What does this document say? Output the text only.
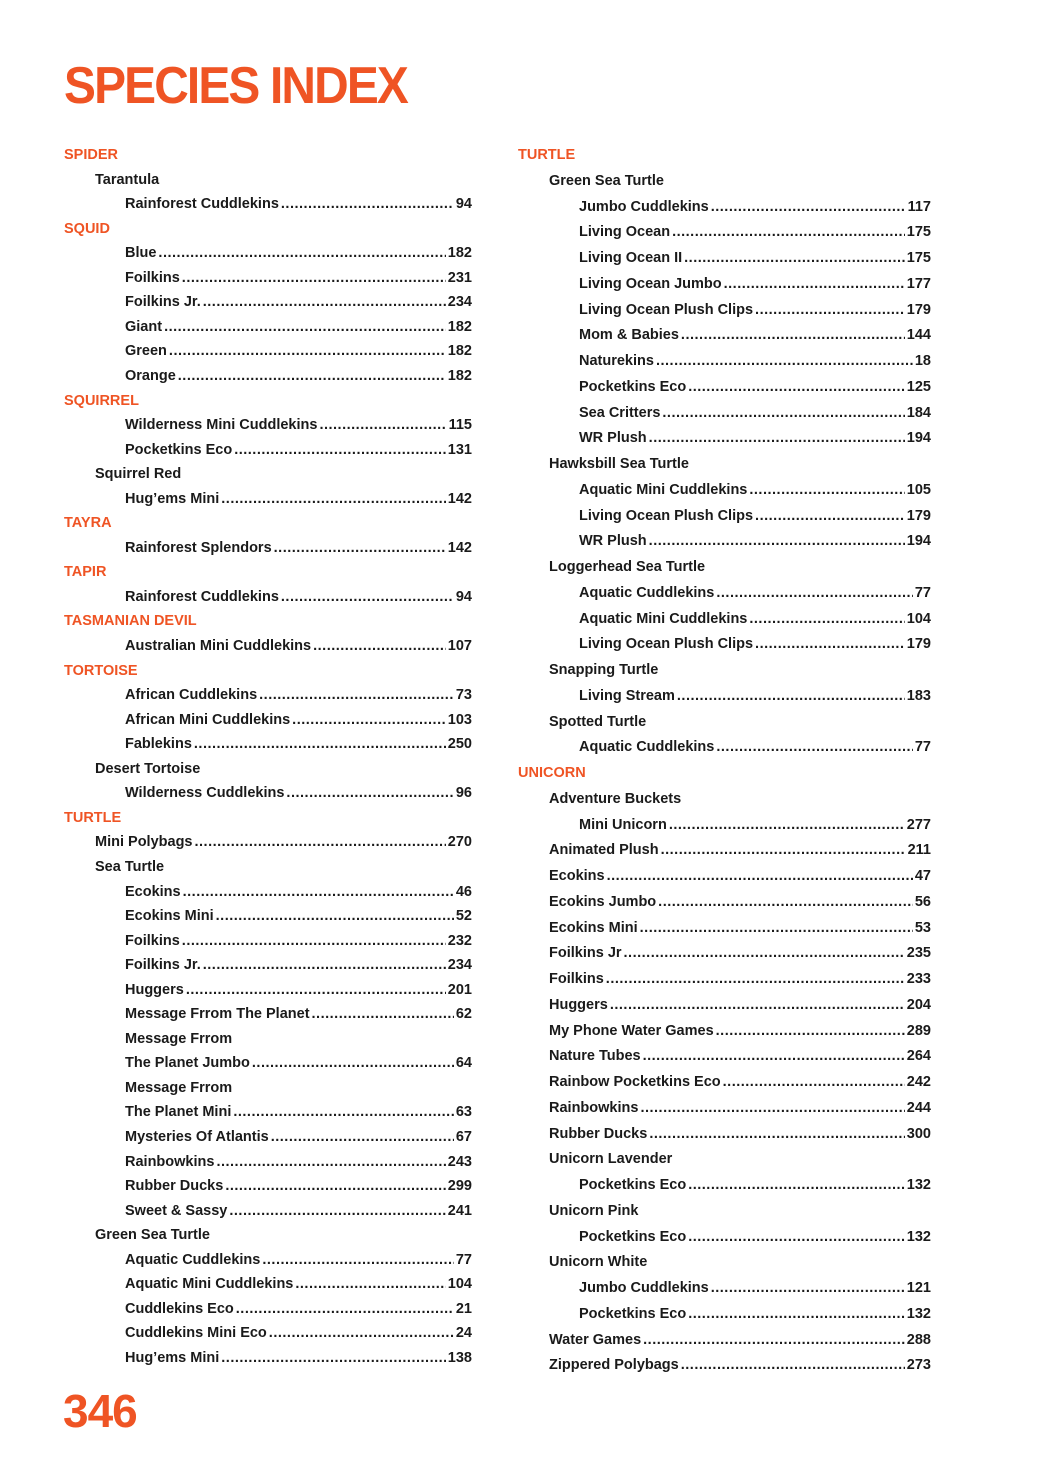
SPECIES INDEX
SPIDER
Tarantula
Rainforest Cuddlekins .....	94
SQUID
Blue .....	182
Foilkins .....	231
Foilkins Jr. .....	234
Giant .....	182
Green .....	182
Orange .....	182
SQUIRREL
Wilderness Mini Cuddlekins .....	115
Pocketkins Eco .....	131
Squirrel Red
Hug’ems Mini .....	142
TAYRA
Rainforest Splendors .....	142
TAPIR
Rainforest Cuddlekins .....	94
TASMANIAN DEVIL
Australian Mini Cuddlekins .....	107
TORTOISE
African Cuddlekins .....	73
African Mini Cuddlekins .....	103
Fablekins .....	250
Desert Tortoise
Wilderness Cuddlekins .....	96
TURTLE
Mini Polybags .....	270
Sea Turtle
Ecokins .....	46
Ecokins Mini .....	52
Foilkins .....	232
Foilkins Jr. .....	234
Huggers .....	201
Message Frrom The Planet .....	62
Message Frrom
The Planet Jumbo .....	64
Message Frrom
The Planet Mini .....	63
Mysteries Of Atlantis .....	67
Rainbowkins .....	243
Rubber Ducks .....	299
Sweet & Sassy .....	241
Green Sea Turtle
Aquatic Cuddlekins .....	77
Aquatic Mini Cuddlekins .....	104
Cuddlekins Eco .....	21
Cuddlekins Mini Eco .....	24
Hug’ems Mini .....	138
TURTLE
Green Sea Turtle
Jumbo Cuddlekins .....	117
Living Ocean .....	175
Living Ocean II .....	175
Living Ocean Jumbo .....	177
Living Ocean Plush Clips .....	179
Mom & Babies .....	144
Naturekins .....	18
Pocketkins Eco .....	125
Sea Critters .....	184
WR Plush .....	194
Hawksbill Sea Turtle
Aquatic Mini Cuddlekins .....	105
Living Ocean Plush Clips .....	179
WR Plush .....	194
Loggerhead Sea Turtle
Aquatic Cuddlekins .....	77
Aquatic Mini Cuddlekins .....	104
Living Ocean Plush Clips .....	179
Snapping Turtle
Living Stream .....	183
Spotted Turtle
Aquatic Cuddlekins .....	77
UNICORN
Adventure Buckets
Mini Unicorn .....	277
Animated Plush .....	211
Ecokins .....	47
Ecokins Jumbo .....	56
Ecokins Mini .....	53
Foilkins Jr .....	235
Foilkins .....	233
Huggers .....	204
My Phone Water Games .....	289
Nature Tubes .....	264
Rainbow Pocketkins Eco .....	242
Rainbowkins .....	244
Rubber Ducks .....	300
Unicorn Lavender
Pocketkins Eco .....	132
Unicorn Pink
Pocketkins Eco .....	132
Unicorn White
Jumbo Cuddlekins .....	121
Pocketkins Eco .....	132
Water Games .....	288
Zippered Polybags .....	273
346
